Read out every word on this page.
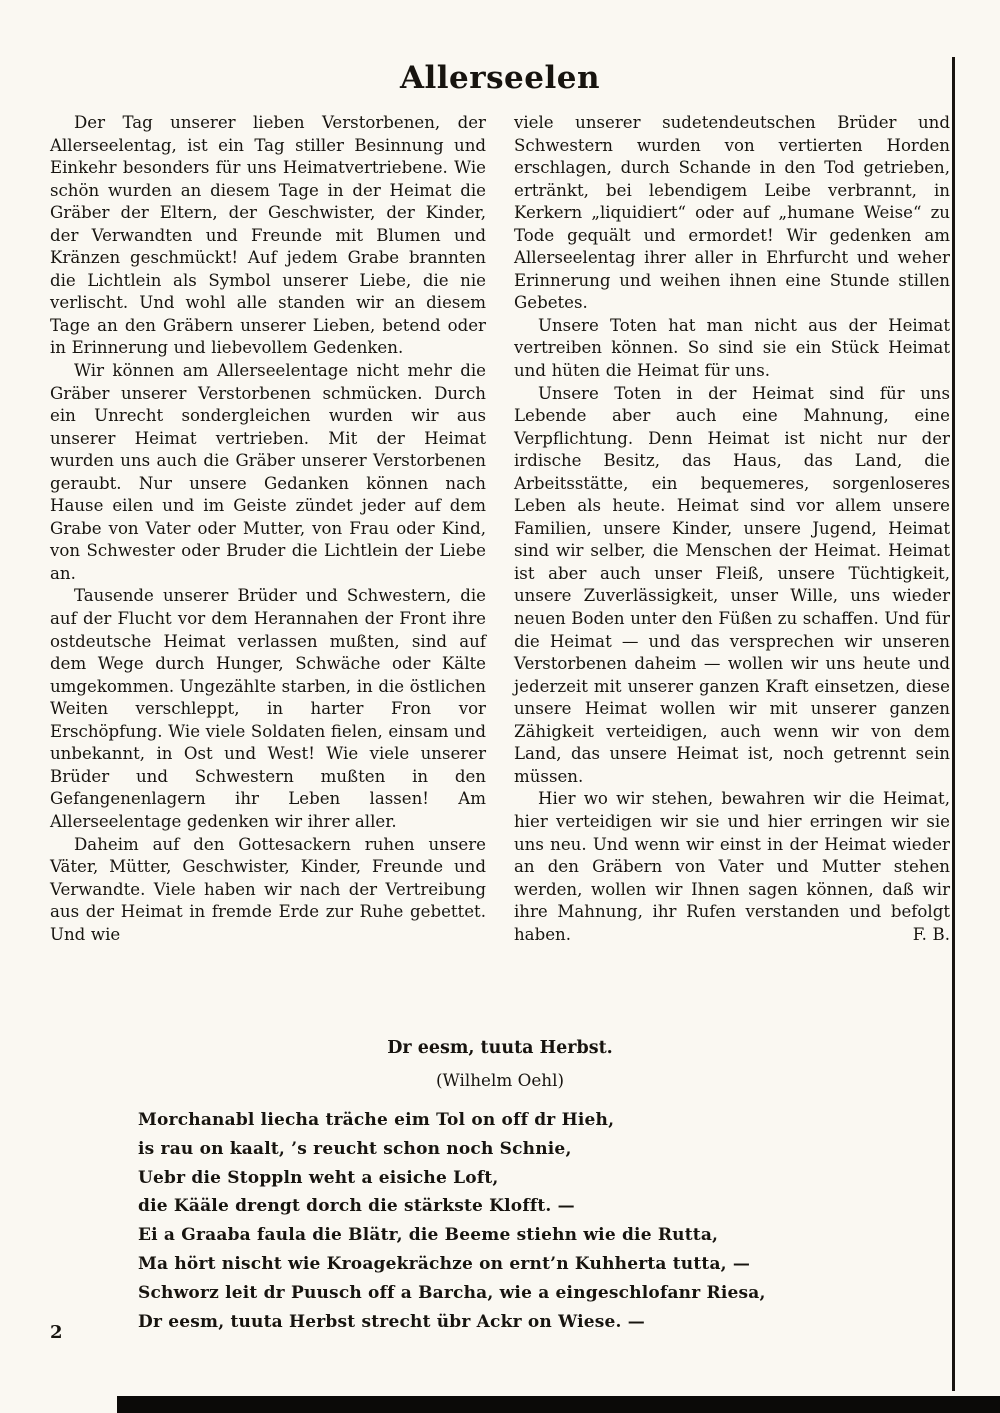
Allerseelen

Der Tag unserer lieben Verstorbenen, der Allerseelentag, ist ein Tag stiller Besinnung und Einkehr besonders für uns Heimatvertriebene. Wie schön wurden an diesem Tage in der Heimat die Gräber der Eltern, der Geschwister, der Kinder, der Verwandten und Freunde mit Blumen und Kränzen geschmückt! Auf jedem Grabe brannten die Lichtlein als Symbol unserer Liebe, die nie verlischt. Und wohl alle standen wir an diesem Tage an den Gräbern unserer Lieben, betend oder in Erinnerung und liebevollem Gedenken.

Wir können am Allerseelentage nicht mehr die Gräber unserer Verstorbenen schmücken. Durch ein Unrecht sondergleichen wurden wir aus unserer Heimat vertrieben. Mit der Heimat wurden uns auch die Gräber unserer Verstorbenen geraubt. Nur unsere Gedanken können nach Hause eilen und im Geiste zündet jeder auf dem Grabe von Vater oder Mutter, von Frau oder Kind, von Schwester oder Bruder die Lichtlein der Liebe an.

Tausende unserer Brüder und Schwestern, die auf der Flucht vor dem Herannahen der Front ihre ostdeutsche Heimat verlassen mußten, sind auf dem Wege durch Hunger, Schwäche oder Kälte umgekommen. Ungezählte starben, in die östlichen Weiten verschleppt, in harter Fron vor Erschöpfung. Wie viele Soldaten fielen, einsam und unbekannt, in Ost und West! Wie viele unserer Brüder und Schwestern mußten in den Gefangenenlagern ihr Leben lassen! Am Allerseelentage gedenken wir ihrer aller.

Daheim auf den Gottesackern ruhen unsere Väter, Mütter, Geschwister, Kinder, Freunde und Verwandte. Viele haben wir nach der Vertreibung aus der Heimat in fremde Erde zur Ruhe gebettet. Und wie

viele unserer sudetendeutschen Brüder und Schwestern wurden von vertierten Horden erschlagen, durch Schande in den Tod getrieben, ertränkt, bei lebendigem Leibe verbrannt, in Kerkern „liquidiert“ oder auf „humane Weise“ zu Tode gequält und ermordet! Wir gedenken am Allerseelentag ihrer aller in Ehrfurcht und weher Erinnerung und weihen ihnen eine Stunde stillen Gebetes.

Unsere Toten hat man nicht aus der Heimat vertreiben können. So sind sie ein Stück Heimat und hüten die Heimat für uns.

Unsere Toten in der Heimat sind für uns Lebende aber auch eine Mahnung, eine Verpflichtung. Denn Heimat ist nicht nur der irdische Besitz, das Haus, das Land, die Arbeitsstätte, ein bequemeres, sorgenloseres Leben als heute. Heimat sind vor allem unsere Familien, unsere Kinder, unsere Jugend, Heimat sind wir selber, die Menschen der Heimat. Heimat ist aber auch unser Fleiß, unsere Tüchtigkeit, unsere Zuverlässigkeit, unser Wille, uns wieder neuen Boden unter den Füßen zu schaffen. Und für die Heimat — und das versprechen wir unseren Verstorbenen daheim — wollen wir uns heute und jederzeit mit unserer ganzen Kraft einsetzen, diese unsere Heimat wollen wir mit unserer ganzen Zähigkeit verteidigen, auch wenn wir von dem Land, das unsere Heimat ist, noch getrennt sein müssen.

Hier wo wir stehen, bewahren wir die Heimat, hier verteidigen wir sie und hier erringen wir sie uns neu. Und wenn wir einst in der Heimat wieder an den Gräbern von Vater und Mutter stehen werden, wollen wir Ihnen sagen können, daß wir ihre Mahnung, ihr Rufen verstanden und befolgt haben.	F. B.

Dr eesm, tuuta Herbst.
(Wilhelm Oehl)
Morchanabl liecha träche eim Tol on off dr Hieh,
is rau on kaalt, ’s reucht schon noch Schnie,
Uebr die Stoppln weht a eisiche Loft,
die Kääle drengt dorch die stärkste Klofft. —
Ei a Graaba faula die Blätr, die Beeme stiehn wie die Rutta,
Ma hört nischt wie Kroagekrächze on ernt’n Kuhherta tutta, —
Schworz leit dr Puusch off a Barcha, wie a eingeschlofanr Riesa,
Dr eesm, tuuta Herbst strecht übr Ackr on Wiese. —
2
